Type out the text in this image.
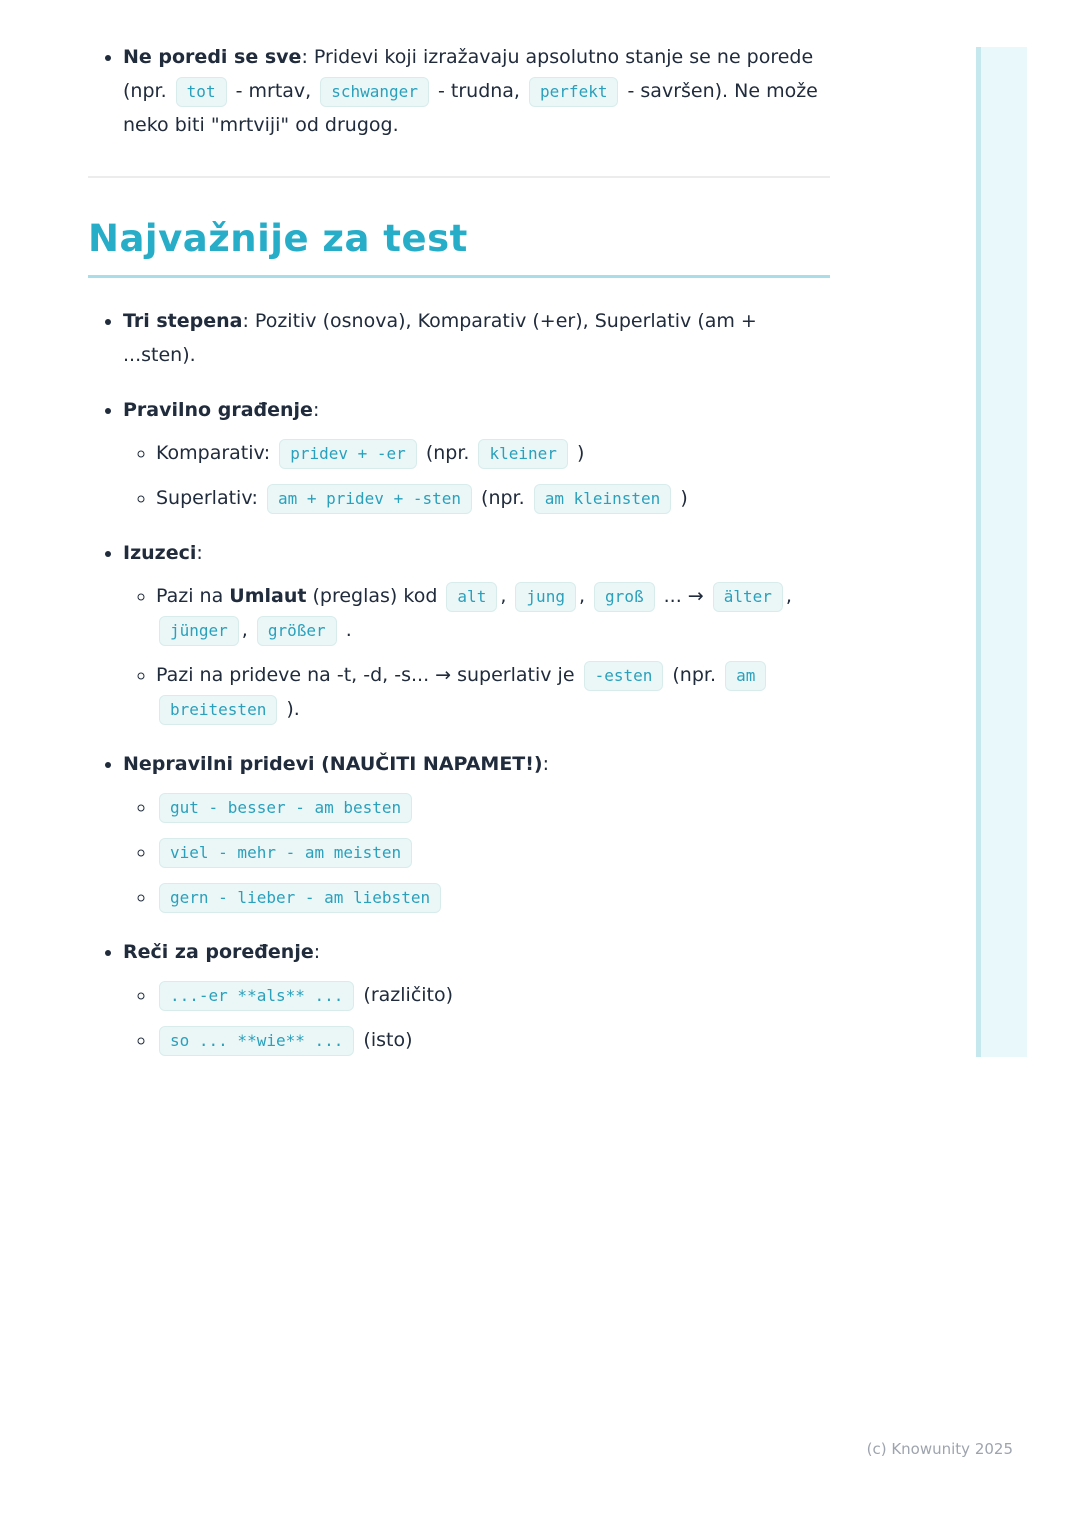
• Ne poredi se sve: Pridevi koji izražavaju apsolutno stanje se ne porede (npr. tot - mrtav, schwanger - trudna, perfekt - savršen). Ne može neko biti "mrtviji" od drugog.
Najvažnije za test
• Tri stepena: Pozitiv (osnova), Komparativ (+er), Superlativ (am + ...sten).
• Pravilno građenje:
◦ Komparativ: pridev + -er (npr. kleiner )
◦ Superlativ: am + pridev + -sten (npr. am kleinsten )
• Izuzeci:
◦ Pazi na Umlaut (preglas) kod alt , jung , groß ... → älter , jünger , größer .
◦ Pazi na prideve na -t, -d, -s... → superlativ je -esten (npr. am breitesten ).
• Nepravilni pridevi (NAUČITI NAPAMET!):
◦ gut - besser - am besten
◦ viel - mehr - am meisten
◦ gern - lieber - am liebsten
• Reči za poređenje:
◦ ...-er **als** ... (različito)
◦ so ... **wie** ... (isto)
(c) Knowunity 2025
